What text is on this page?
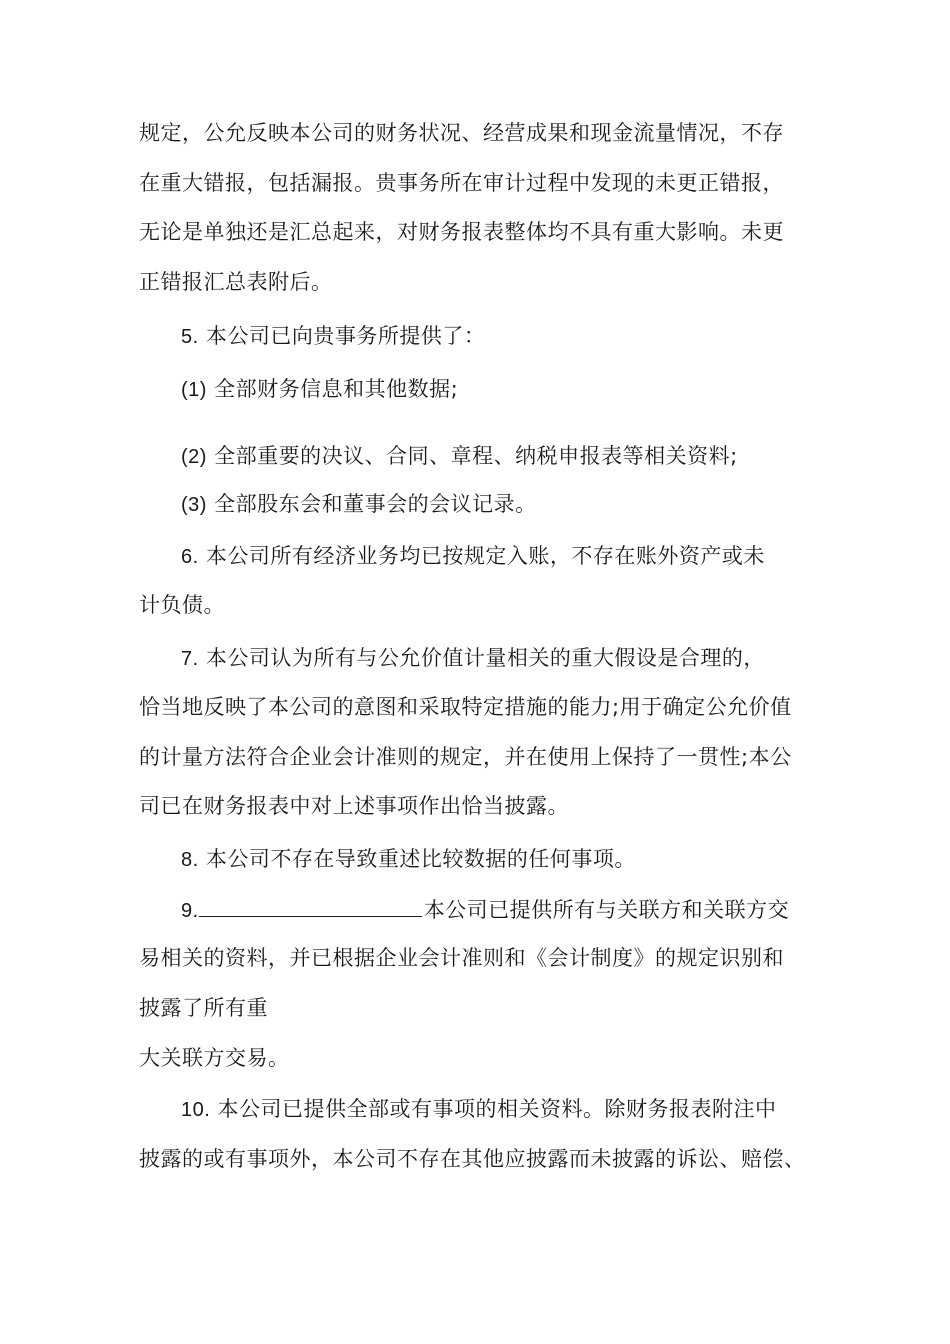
规定，公允反映本公司的财务状况、经营成果和现金流量情况，不存
在重大错报，包括漏报。贵事务所在审计过程中发现的未更正错报，
无论是单独还是汇总起来，对财务报表整体均不具有重大影响。未更
正错报汇总表附后。
5. 本公司已向贵事务所提供了：
(1) 全部财务信息和其他数据;
(2) 全部重要的决议、合同、章程、纳税申报表等相关资料;
(3) 全部股东会和董事会的会议记录。
6. 本公司所有经济业务均已按规定入账，不存在账外资产或未
计负债。
7. 本公司认为所有与公允价值计量相关的重大假设是合理的，
恰当地反映了本公司的意图和采取特定措施的能力;用于确定公允价值
的计量方法符合企业会计准则的规定，并在使用上保持了一贯性;本公
司已在财务报表中对上述事项作出恰当披露。
8. 本公司不存在导致重述比较数据的任何事项。
9.	本公司已提供所有与关联方和关联方交
易相关的资料，并已根据企业会计准则和《会计制度》的规定识别和
披露了所有重
大关联方交易。
10. 本公司已提供全部或有事项的相关资料。除财务报表附注中
披露的或有事项外，本公司不存在其他应披露而未披露的诉讼、赔偿、
